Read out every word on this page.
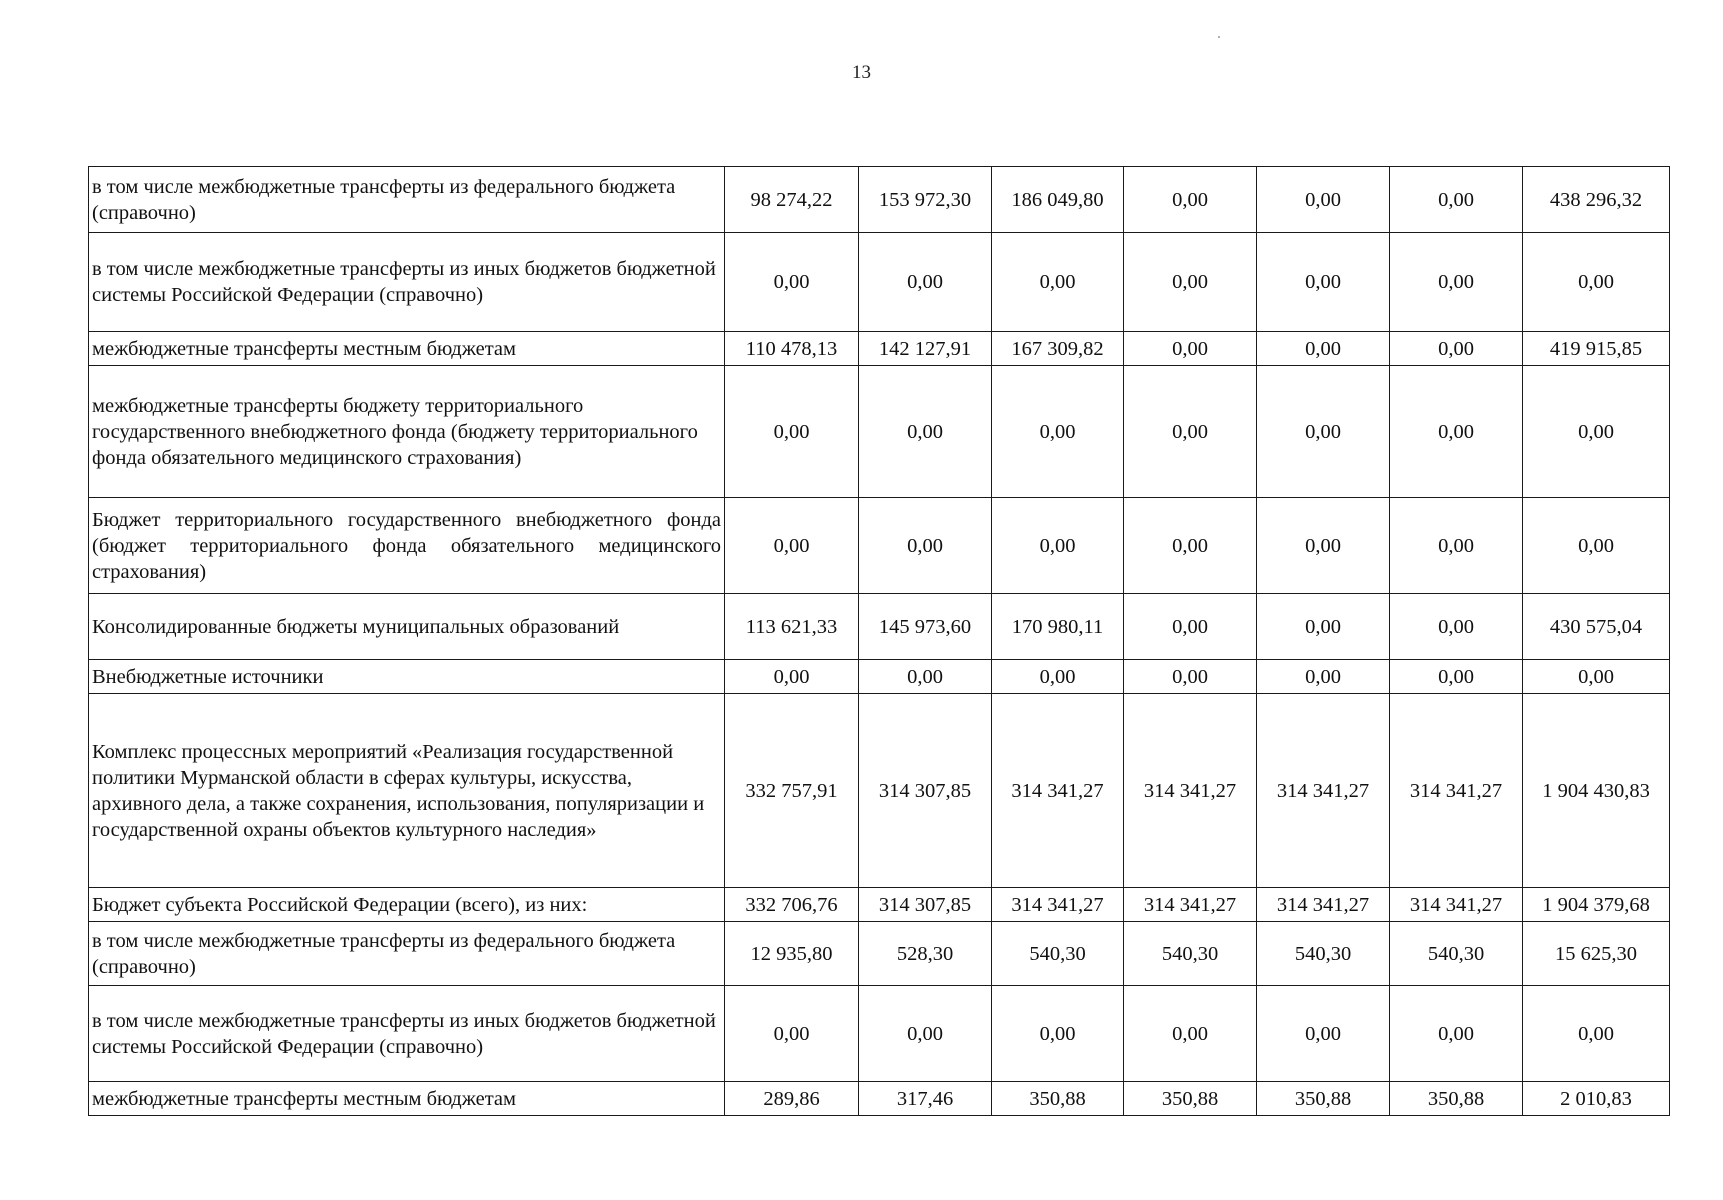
13
в том числе межбюджетные трансферты из федерального бюджета (справочно)	98 274,22	153 972,30	186 049,80	0,00	0,00	0,00	438 296,32
в том числе межбюджетные трансферты из иных бюджетов бюджетной системы Российской Федерации (справочно)	0,00	0,00	0,00	0,00	0,00	0,00	0,00
межбюджетные трансферты местным бюджетам	110 478,13	142 127,91	167 309,82	0,00	0,00	0,00	419 915,85
межбюджетные трансферты бюджету территориального государственного внебюджетного фонда (бюджету территориального фонда обязательного медицинского страхования)	0,00	0,00	0,00	0,00	0,00	0,00	0,00
Бюджет территориального государственного внебюджетного фонда (бюджет территориального фонда обязательного медицинского страхования)	0,00	0,00	0,00	0,00	0,00	0,00	0,00
Консолидированные бюджеты муниципальных образований	113 621,33	145 973,60	170 980,11	0,00	0,00	0,00	430 575,04
Внебюджетные источники	0,00	0,00	0,00	0,00	0,00	0,00	0,00
Комплекс процессных мероприятий «Реализация государственной политики Мурманской области в сферах культуры, искусства, архивного дела, а также сохранения, использования, популяризации и государственной охраны объектов культурного наследия»	332 757,91	314 307,85	314 341,27	314 341,27	314 341,27	314 341,27	1 904 430,83
Бюджет субъекта Российской Федерации (всего), из них:	332 706,76	314 307,85	314 341,27	314 341,27	314 341,27	314 341,27	1 904 379,68
в том числе межбюджетные трансферты из федерального бюджета (справочно)	12 935,80	528,30	540,30	540,30	540,30	540,30	15 625,30
в том числе межбюджетные трансферты из иных бюджетов бюджетной системы Российской Федерации (справочно)	0,00	0,00	0,00	0,00	0,00	0,00	0,00
межбюджетные трансферты местным бюджетам	289,86	317,46	350,88	350,88	350,88	350,88	2 010,83
